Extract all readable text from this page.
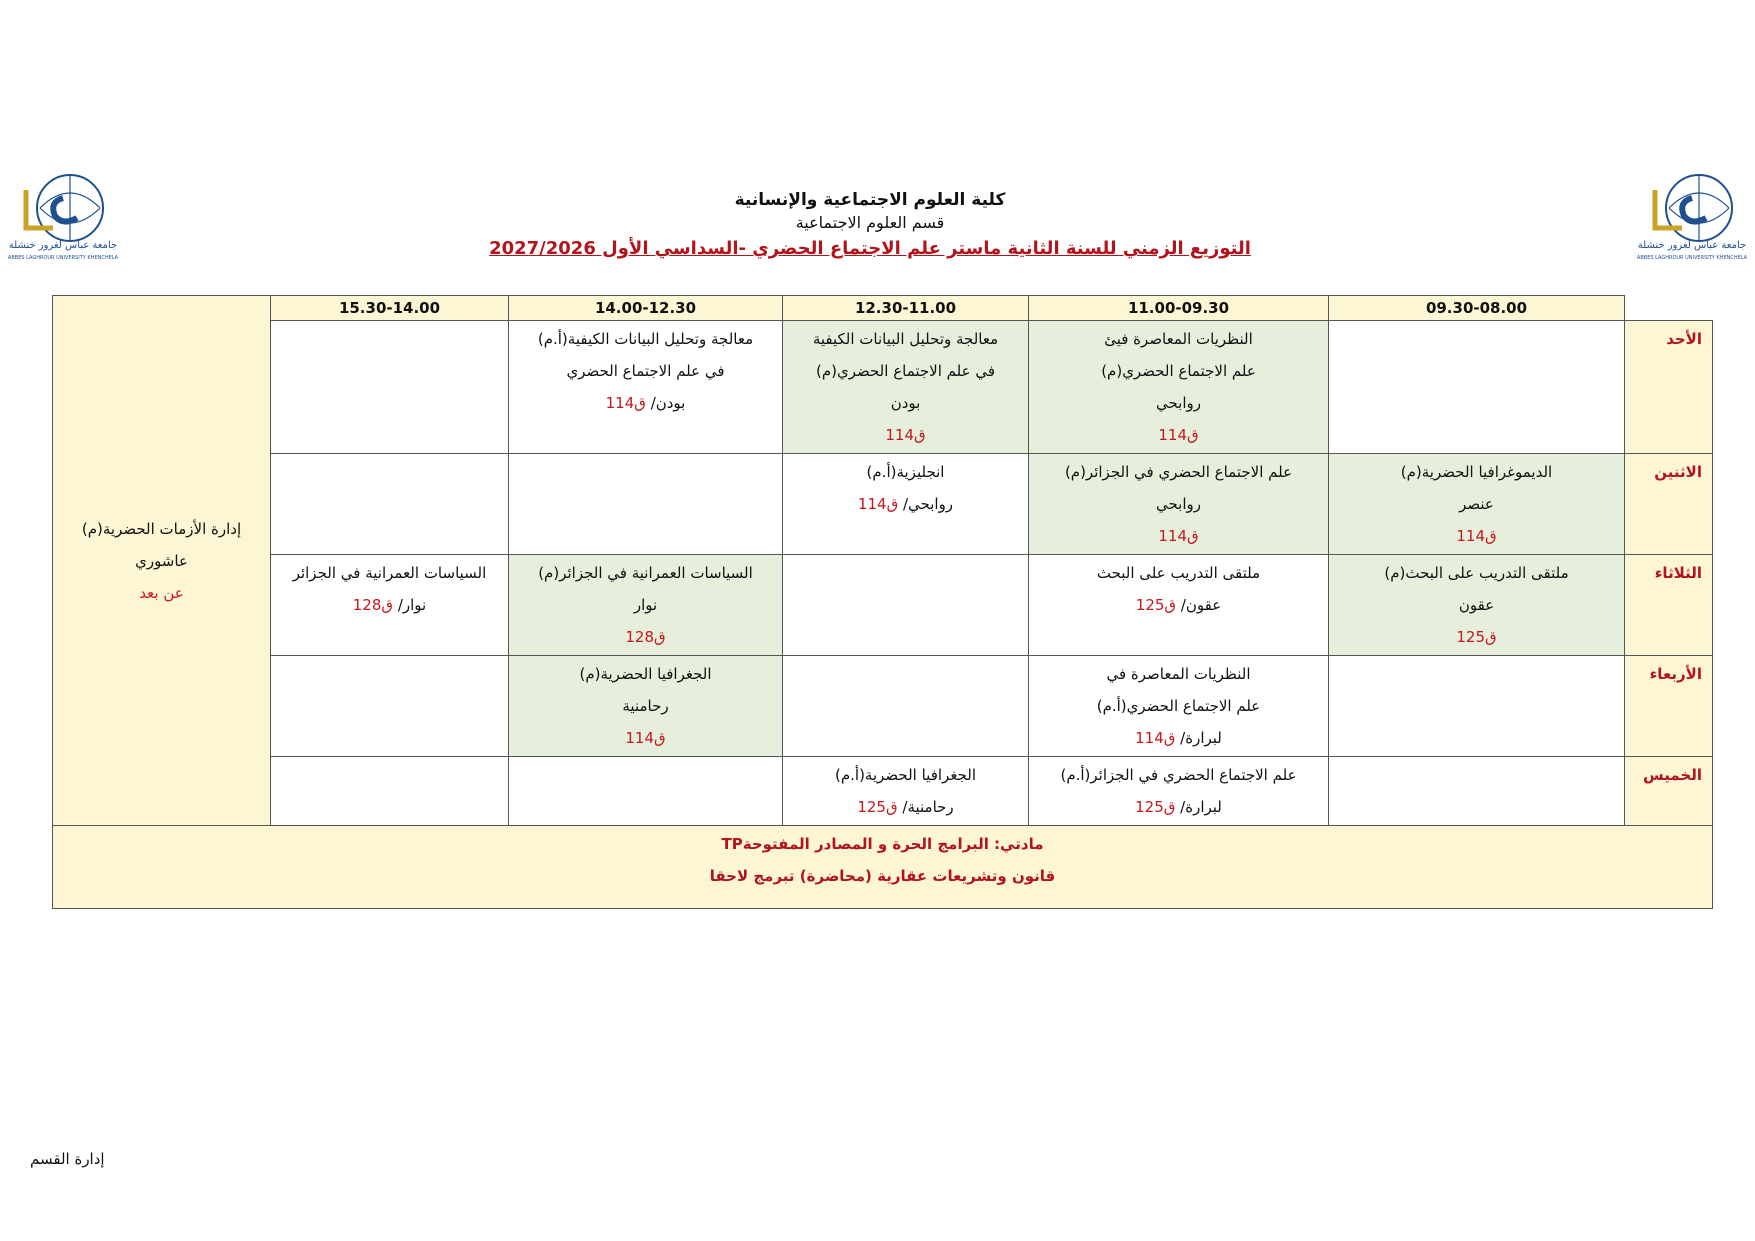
جامعة عباس لغرور خنشلة
ABBES LAGHROUR UNIVERSITY KHENCHELA
جامعة عباس لغرور خنشلة
ABBES LAGHROUR UNIVERSITY KHENCHELA
كلية العلوم الاجتماعية والإنسانية
قسم العلوم الاجتماعية
التوزيع الزمني للسنة الثانية ماستر علم الاجتماع الحضري -السداسي الأول 2027/2026
	09.30-08.00	11.00-09.30	12.30-11.00	14.00-12.30	15.30-14.00	إدارة الأزمات الحضرية(م)
عاشوري
عن بعد

الأحد		النظريات المعاصرة فيئ
علم الاجتماع الحضري(م)
روابحي
ق114	معالجة وتحليل البيانات الكيفية
في علم الاجتماع الحضري(م)
بودن
ق114	معالجة وتحليل البيانات الكيفية(أ.م)
في علم الاجتماع الحضري
بودن/ ق114		

الاثنين	الديموغرافيا الحضرية(م)
عنصر
ق114	علم الاجتماع الحضري في الجزائر(م)
روابحي
ق114	انجليزية(أ.م)
روابحي/ ق114			

الثلاثاء	ملتقى التدريب على البحث(م)
عقون
ق125	ملتقى التدريب على البحث
عقون/ ق125		السياسات العمرانية في الجزائر(م)
نوار
ق128	السياسات العمرانية في الجزائر
نوار/ ق128	

الأربعاء		النظريات المعاصرة في
علم الاجتماع الحضري(أ.م)
لبرارة/ ق114		الجغرافيا الحضرية(م)
رحامنية
ق114		

الخميس		علم الاجتماع الحضري في الجزائر(أ.م)
لبرارة/ ق125	الجغرافيا الحضرية(أ.م)
رحامنية/ ق125			

مادتي: البرامج الحرة و المصادر المفتوحةTP
قانون وتشريعات عقارية (محاضرة) تبرمج لاحقا						
إدارة القسم
